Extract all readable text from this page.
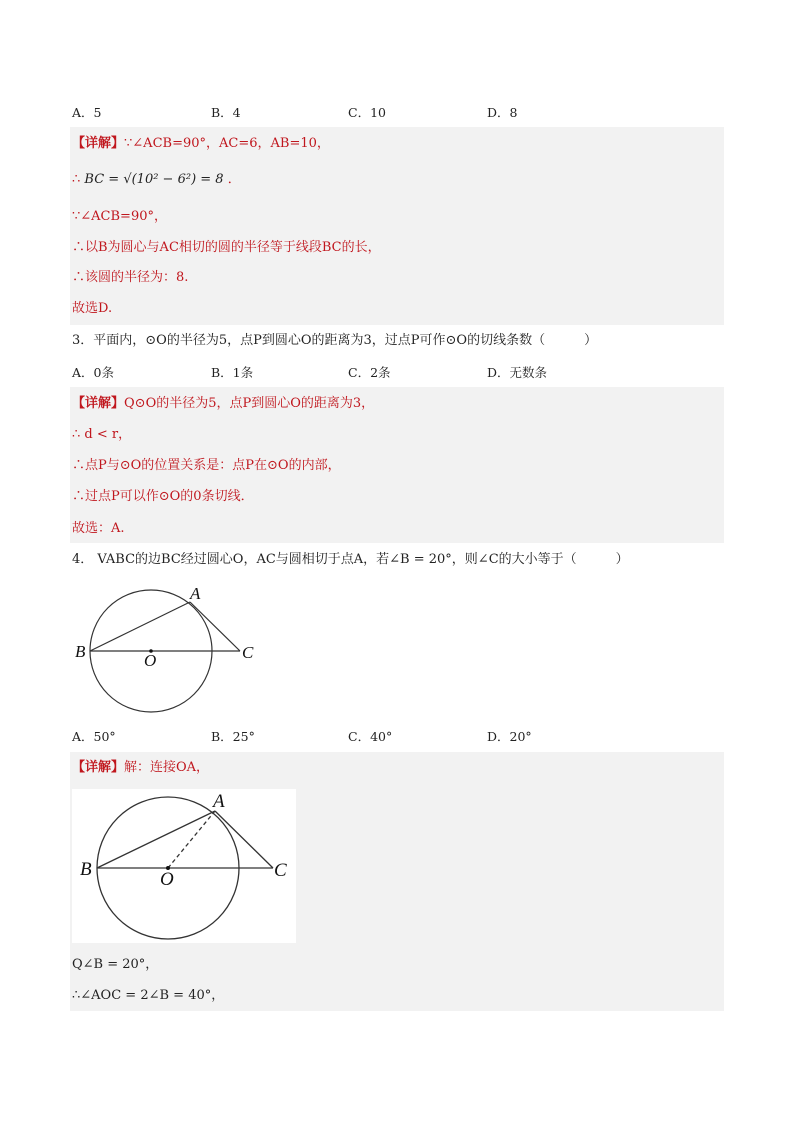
A．5	B．4	C．10	D．8
【详解】∵∠ACB=90°，AC=6，AB=10，
∴ BC = √(10² − 6²) = 8 ．
∵∠ACB=90°，
∴以B为圆心与AC相切的圆的半径等于线段BC的长，
∴该圆的半径为：8.
故选D.
3．平面内，⊙O的半径为5，点P到圆心O的距离为3，过点P可作⊙O的切线条数（　　　）
A．0条	B．1条	C．2条	D．无数条
【详解】Q⊙O的半径为5，点P到圆心O的距离为3，
∴ d < r，
∴点P与⊙O的位置关系是：点P在⊙O的内部，
∴过点P可以作⊙O的0条切线．
故选：A.
4． VABC的边BC经过圆心O，AC与圆相切于点A，若∠B = 20°，则∠C的大小等于（　　　）
A
B	C
O
A．50°	B．25°	C．40°	D．20°
【详解】解：连接OA，
A
B	C
O
Q∠B = 20°，
∴∠AOC = 2∠B = 40°，
